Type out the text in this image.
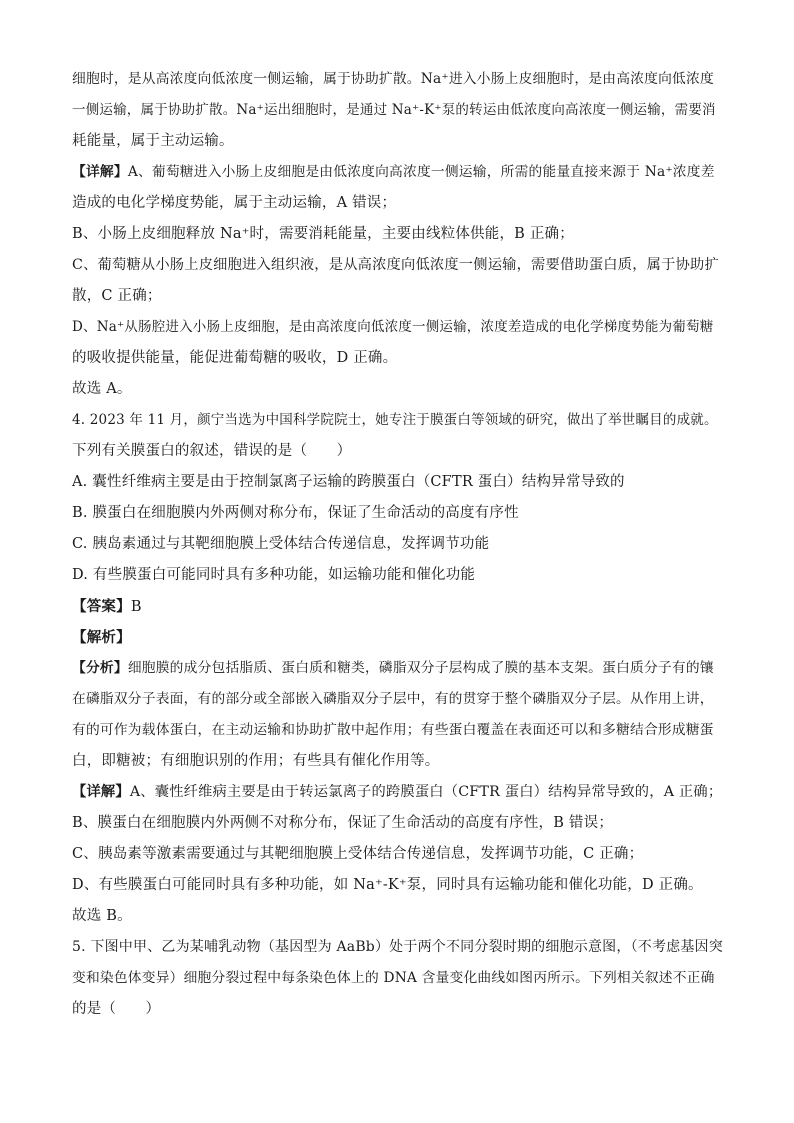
细胞时，是从高浓度向低浓度一侧运输，属于协助扩散。Na⁺进入小肠上皮细胞时，是由高浓度向低浓度
一侧运输，属于协助扩散。Na⁺运出细胞时，是通过 Na⁺-K⁺泵的转运由低浓度向高浓度一侧运输，需要消
耗能量，属于主动运输。
【详解】A、葡萄糖进入小肠上皮细胞是由低浓度向高浓度一侧运输，所需的能量直接来源于 Na⁺浓度差
造成的电化学梯度势能，属于主动运输，A 错误；
B、小肠上皮细胞释放 Na⁺时，需要消耗能量，主要由线粒体供能，B 正确；
C、葡萄糖从小肠上皮细胞进入组织液，是从高浓度向低浓度一侧运输，需要借助蛋白质，属于协助扩
散，C 正确；
D、Na⁺从肠腔进入小肠上皮细胞，是由高浓度向低浓度一侧运输，浓度差造成的电化学梯度势能为葡萄糖
的吸收提供能量，能促进葡萄糖的吸收，D 正确。
故选 A。
4. 2023 年 11 月，颜宁当选为中国科学院院士，她专注于膜蛋白等领域的研究，做出了举世瞩目的成就。
下列有关膜蛋白的叙述，错误的是（　　）
A. 囊性纤维病主要是由于控制氯离子运输的跨膜蛋白（CFTR 蛋白）结构异常导致的
B. 膜蛋白在细胞膜内外两侧对称分布，保证了生命活动的高度有序性
C. 胰岛素通过与其靶细胞膜上受体结合传递信息，发挥调节功能
D. 有些膜蛋白可能同时具有多种功能，如运输功能和催化功能
【答案】B
【解析】
【分析】细胞膜的成分包括脂质、蛋白质和糖类，磷脂双分子层构成了膜的基本支架。蛋白质分子有的镶
在磷脂双分子表面，有的部分或全部嵌入磷脂双分子层中，有的贯穿于整个磷脂双分子层。从作用上讲，
有的可作为载体蛋白，在主动运输和协助扩散中起作用；有些蛋白覆盖在表面还可以和多糖结合形成糖蛋
白，即糖被；有细胞识别的作用；有些具有催化作用等。
【详解】A、囊性纤维病主要是由于转运氯离子的跨膜蛋白（CFTR 蛋白）结构异常导致的，A 正确；
B、膜蛋白在细胞膜内外两侧不对称分布，保证了生命活动的高度有序性，B 错误；
C、胰岛素等激素需要通过与其靶细胞膜上受体结合传递信息，发挥调节功能，C 正确；
D、有些膜蛋白可能同时具有多种功能，如 Na⁺-K⁺泵，同时具有运输功能和催化功能，D 正确。
故选 B。
5. 下图中甲、乙为某哺乳动物（基因型为 AaBb）处于两个不同分裂时期的细胞示意图，（不考虑基因突
变和染色体变异）细胞分裂过程中每条染色体上的 DNA 含量变化曲线如图丙所示。下列相关叙述不正确
的是（　　）
